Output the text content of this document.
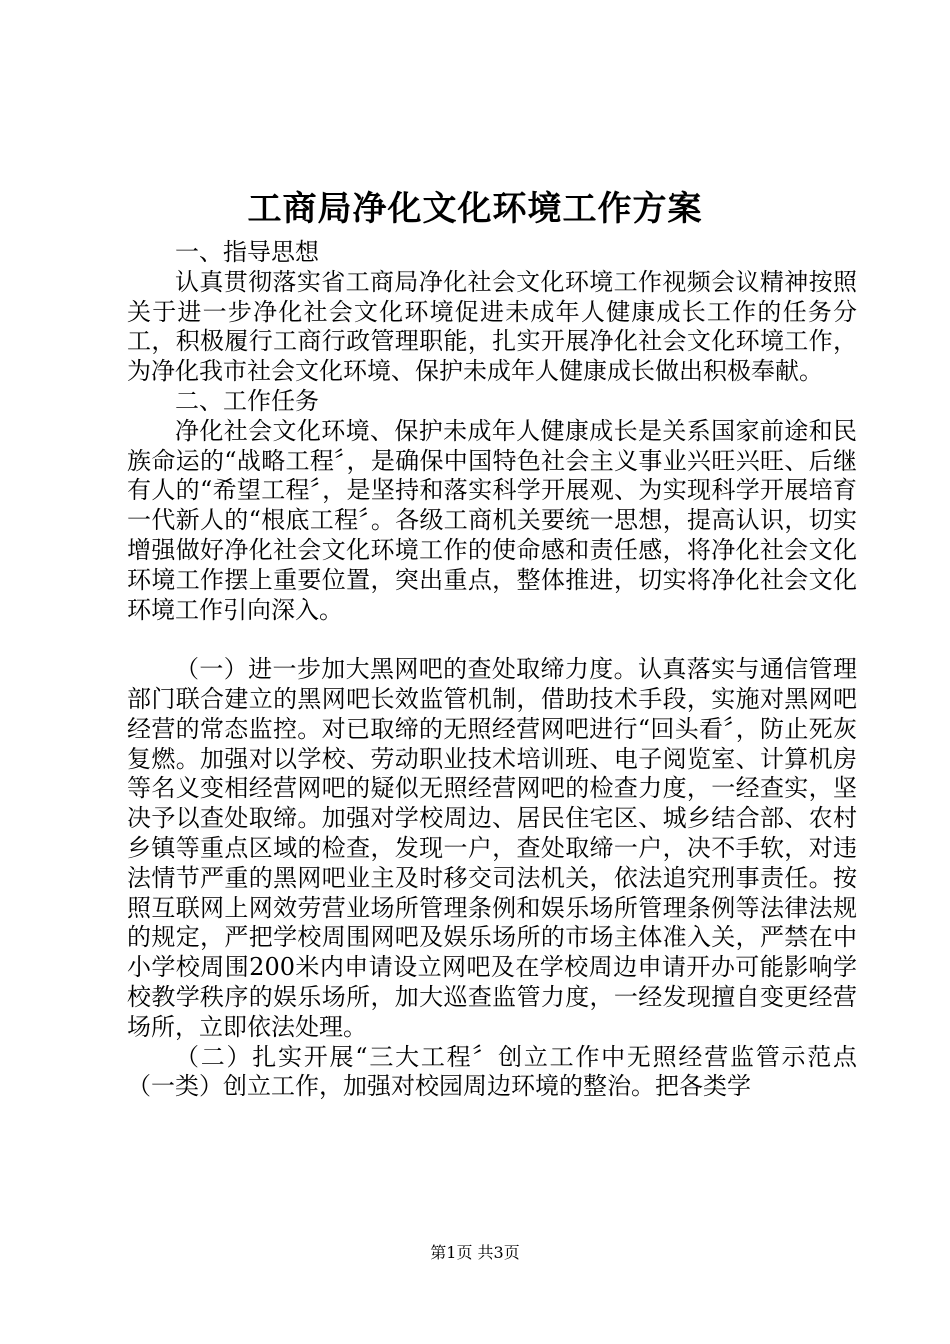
工商局净化文化环境工作方案

一、指导思想

认真贯彻落实省工商局净化社会文化环境工作视频会议精神按照关于进一步净化社会文化环境促进未成年人健康成长工作的任务分工，积极履行工商行政管理职能，扎实开展净化社会文化环境工作，为净化我市社会文化环境、保护未成年人健康成长做出积极奉献。

二、工作任务

净化社会文化环境、保护未成年人健康成长是关系国家前途和民族命运的“战略工程〞，是确保中国特色社会主义事业兴旺兴旺、后继有人的“希望工程〞，是坚持和落实科学开展观、为实现科学开展培育一代新人的“根底工程〞。各级工商机关要统一思想，提高认识，切实增强做好净化社会文化环境工作的使命感和责任感，将净化社会文化环境工作摆上重要位置，突出重点，整体推进，切实将净化社会文化环境工作引向深入。

（一）进一步加大黑网吧的查处取缔力度。认真落实与通信管理部门联合建立的黑网吧长效监管机制，借助技术手段，实施对黑网吧经营的常态监控。对已取缔的无照经营网吧进行“回头看〞，防止死灰复燃。加强对以学校、劳动职业技术培训班、电子阅览室、计算机房等名义变相经营网吧的疑似无照经营网吧的检查力度，一经查实，坚决予以查处取缔。加强对学校周边、居民住宅区、城乡结合部、农村乡镇等重点区域的检查，发现一户，查处取缔一户，决不手软，对违法情节严重的黑网吧业主及时移交司法机关，依法追究刑事责任。按照互联网上网效劳营业场所管理条例和娱乐场所管理条例等法律法规的规定，严把学校周围网吧及娱乐场所的市场主体准入关，严禁在中小学校周围200米内申请设立网吧及在学校周边申请开办可能影响学校教学秩序的娱乐场所，加大巡查监管力度，一经发现擅自变更经营场所，立即依法处理。

（二）扎实开展“三大工程〞创立工作中无照经营监管示范点（一类）创立工作，加强对校园周边环境的整治。把各类学

第1页 共3页
